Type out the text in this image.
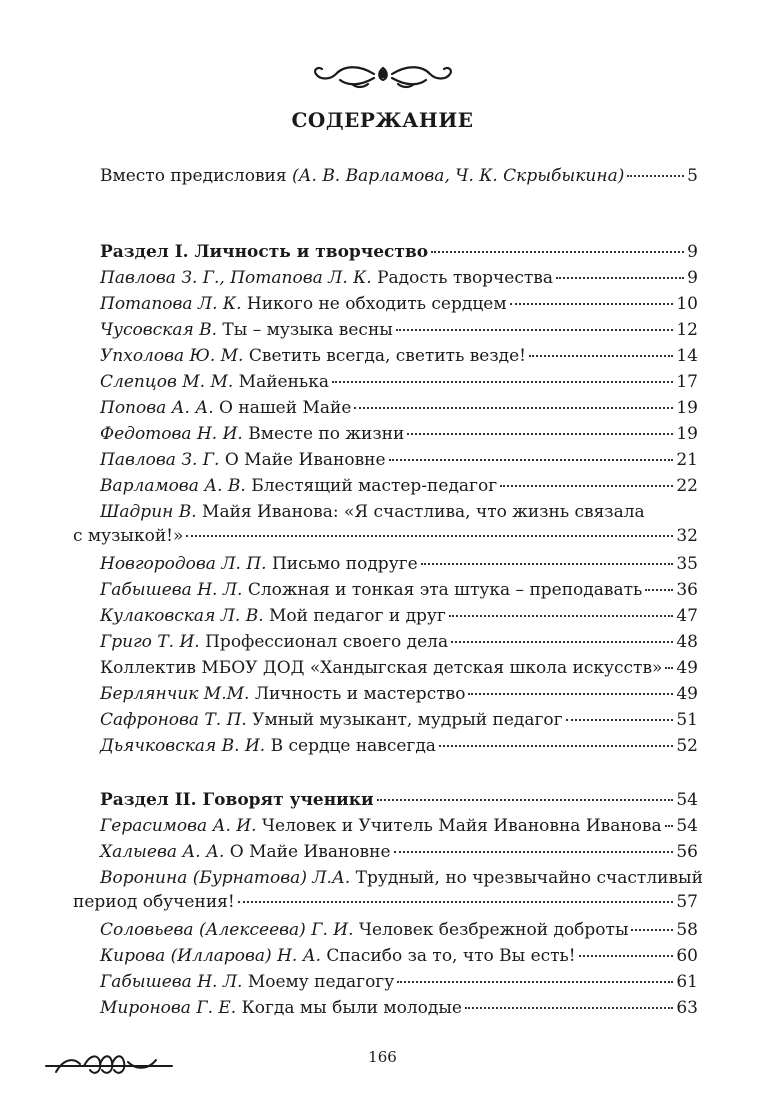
СОДЕРЖАНИЕ
Вместо предисловия (А. В. Варламова, Ч. К. Скрыбыкина)	5
Раздел I. Личность и творчество	9
Павлова З. Г., Потапова Л. К. Радость творчества	9
Потапова Л. К. Никого не обходить сердцем	10
Чусовская В. Ты – музыка весны	12
Упхолова Ю. М. Светить всегда, светить везде!	14
Слепцов М. М. Майенька	17
Попова А. А. О нашей Майе	19
Федотова Н. И. Вместе по жизни	19
Павлова З. Г. О Майе Ивановне	21
Варламова А. В. Блестящий мастер-педагог	22
Шадрин В. Майя Иванова: «Я счастлива, что жизнь связала
с музыкой!»	32
Новгородова Л. П. Письмо подруге	35
Габышева Н. Л. Сложная и тонкая эта штука – преподавать 36
Кулаковская Л. В. Мой педагог и друг	47
Григо Т. И. Профессионал своего дела	48
Коллектив МБОУ ДОД «Хандыгская детская школа искусств» 49
Берлянчик М.М. Личность и мастерство	49
Сафронова Т. П. Умный музыкант, мудрый педагог	51
Дьячковская В. И. В сердце навсегда	52
Раздел II. Говорят ученики	54
Герасимова А. И. Человек и Учитель Майя Ивановна Иванова 54
Халыева А. А. О Майе Ивановне	56
Воронина (Бурнатова) Л.А. Трудный, но чрезвычайно счастливый
период обучения!	57
Соловьева (Алексеева) Г. И. Человек безбрежной доброты	58
Кирова (Илларова) Н. А. Спасибо за то, что Вы есть!	60
Габышева Н. Л. Моему педагогу	61
Миронова Г. Е. Когда мы были молодые	63
166
